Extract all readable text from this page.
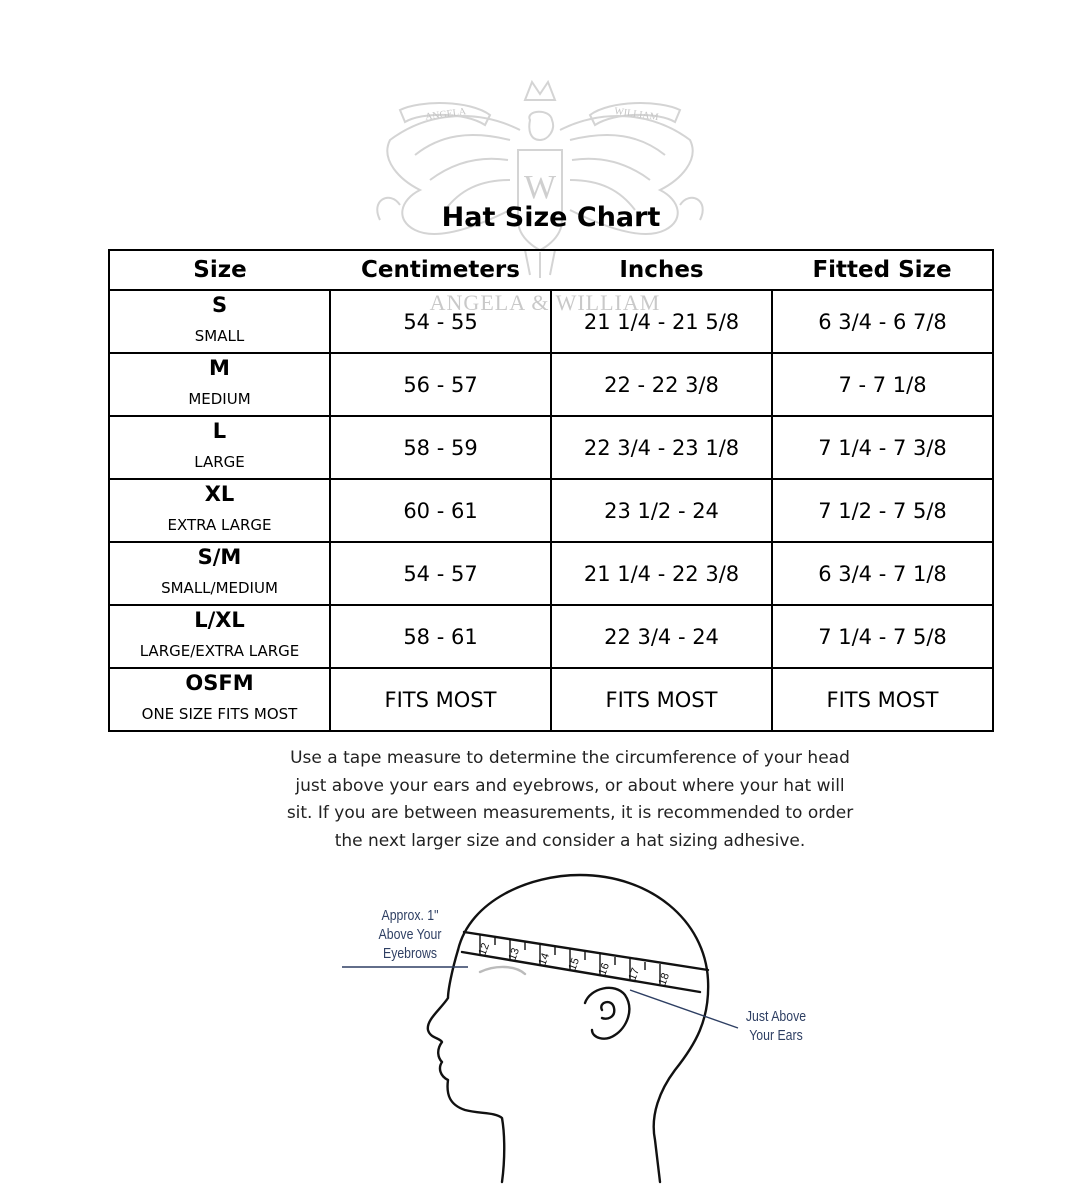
W
ANGELA	WILLIAM
ANGELA & WILLIAM
Hat Size Chart
Size	Centimeters	Inches	Fitted Size

S
SMALL	54 - 55	21 1/4 - 21 5/8	6 3/4 - 6 7/8

M
MEDIUM	56 - 57	22 - 22 3/8	7 - 7 1/8

L
LARGE	58 - 59	22 3/4 - 23 1/8	7 1/4 - 7 3/8

XL
EXTRA LARGE	60 - 61	23 1/2 - 24	7 1/2 - 7 5/8

S/M
SMALL/MEDIUM	54 - 57	21 1/4 - 22 3/8	6 3/4 - 7 1/8

L/XL
LARGE/EXTRA LARGE	58 - 61	22 3/4 - 24	7 1/4 - 7 5/8

OSFM
ONE SIZE FITS MOST	FITS MOST	FITS MOST	FITS MOST
Use a tape measure to determine the circumference of your head
just above your ears and eyebrows, or about where your hat will
sit. If you are between measurements, it is recommended to order
the next larger size and consider a hat sizing adhesive.
12 13 14 15 16 17 18
Approx. 1"
Above Your
Eyebrows
Just Above
Your Ears
